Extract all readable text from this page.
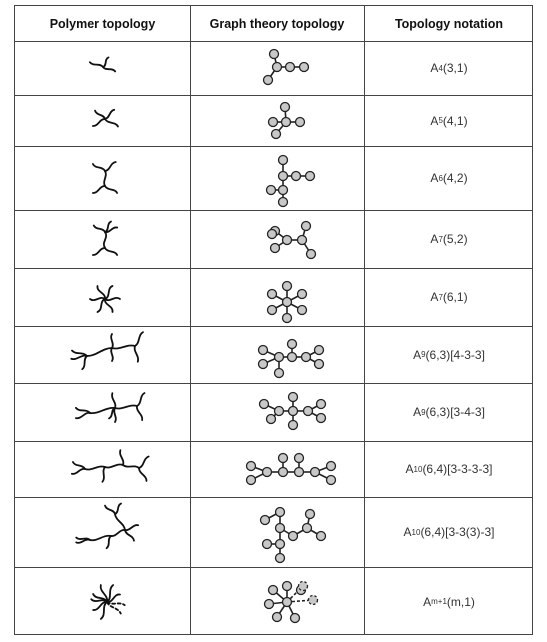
Polymer topology	Graph theory topology	Topology notation
A 4 (3,1)
A 5 (4,1)
A 6 (4,2)
A 7 (5,2)
A 7 (6,1)
A 9 (6,3)[4-3-3]
A 9 (6,3)[3-4-3]
A 10 (6,4)[3-3-3-3]
A 10 (6,4)[3-3(3)-3]
A m+1 (m,1)
